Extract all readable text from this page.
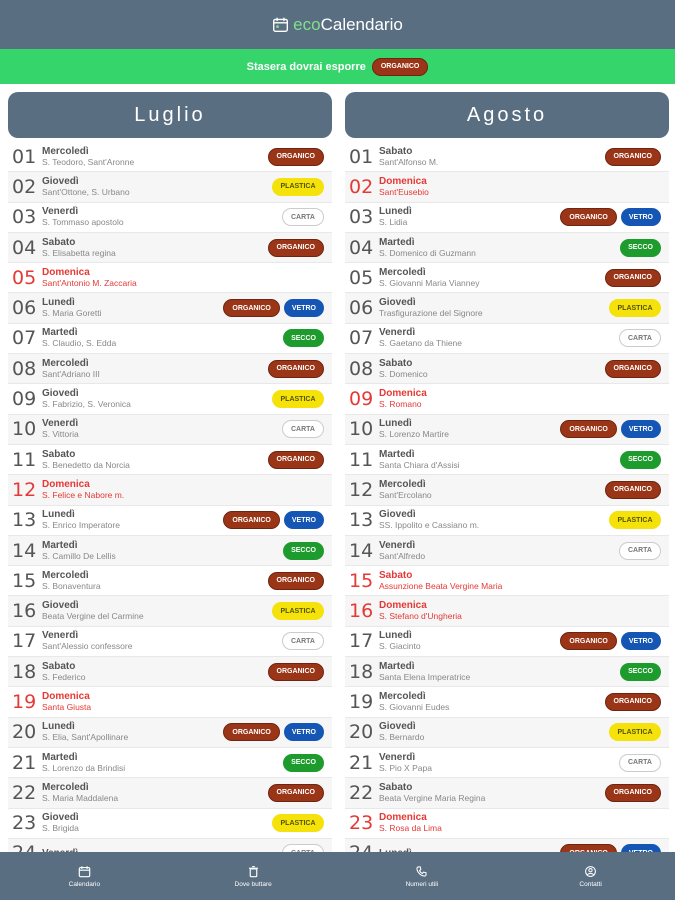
ecoCalendario
Stasera dovrai esporre	ORGANICO
Luglio
01 Mercoledì
S. Teodoro, Sant'Aronne	ORGANICO
02 Giovedì
Sant'Ottone, S. Urbano	PLASTICA
03 Venerdì
S. Tommaso apostolo	CARTA
04 Sabato
S. Elisabetta regina	ORGANICO
05 Domenica
Sant'Antonio M. Zaccaria
06 Lunedì
S. Maria Goretti	ORGANICO	VETRO
07 Martedì
S. Claudio, S. Edda	SECCO
08 Mercoledì
Sant'Adriano III	ORGANICO
09 Giovedì
S. Fabrizio, S. Veronica	PLASTICA
10 Venerdì
S. Vittoria	CARTA
11 Sabato
S. Benedetto da Norcia	ORGANICO
12 Domenica
S. Felice e Nabore m.
13 Lunedì
S. Enrico Imperatore	ORGANICO	VETRO
14 Martedì
S. Camillo De Lellis	SECCO
15 Mercoledì
S. Bonaventura	ORGANICO
16 Giovedì
Beata Vergine del Carmine	PLASTICA
17 Venerdì
Sant'Alessio confessore	CARTA
18 Sabato
S. Federico	ORGANICO
19 Domenica
Santa Giusta
20 Lunedì
S. Elia, Sant'Apollinare	ORGANICO	VETRO
21 Martedì
S. Lorenzo da Brindisi	SECCO
22 Mercoledì
S. Maria Maddalena	ORGANICO
23 Giovedì
S. Brigida	PLASTICA
Agosto
01 Sabato
Sant'Alfonso M.	ORGANICO
02 Domenica
Sant'Eusebio
03 Lunedì
S. Lidia	ORGANICO	VETRO
04 Martedì
S. Domenico di Guzmann	SECCO
05 Mercoledì
S. Giovanni Maria Vianney	ORGANICO
06 Giovedì
Trasfigurazione del Signore	PLASTICA
07 Venerdì
S. Gaetano da Thiene	CARTA
08 Sabato
S. Domenico	ORGANICO
09 Domenica
S. Romano
10 Lunedì
S. Lorenzo Martire	ORGANICO	VETRO
11 Martedì
Santa Chiara d'Assisi	SECCO
12 Mercoledì
Sant'Ercolano	ORGANICO
13 Giovedì
SS. Ippolito e Cassiano m.	PLASTICA
14 Venerdì
Sant'Alfredo	CARTA
15 Sabato
Assunzione Beata Vergine Maria
16 Domenica
S. Stefano d'Ungheria
17 Lunedì
S. Giacinto	ORGANICO	VETRO
18 Martedì
Santa Elena Imperatrice	SECCO
19 Mercoledì
S. Giovanni Eudes	ORGANICO
20 Giovedì
S. Bernardo	PLASTICA
21 Venerdì
S. Pio X Papa	CARTA
22 Sabato
Beata Vergine Maria Regina	ORGANICO
23 Domenica
S. Rosa da Lima
Calendario	Dove buttare	Numeri utili	Contatti
